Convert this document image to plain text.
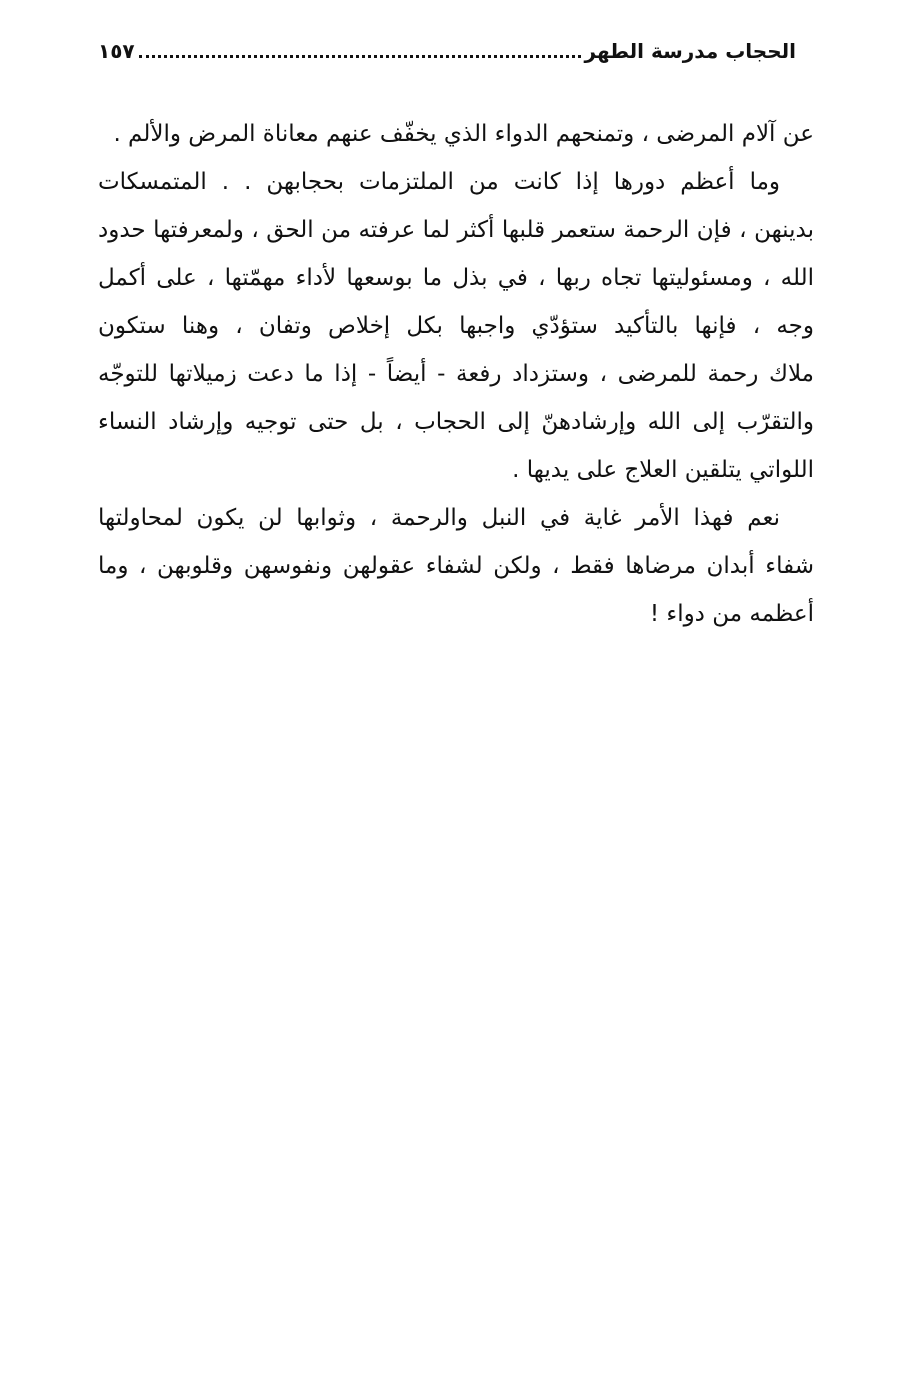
الحجاب مدرسة الطهر
١٥٧
عن آلام المرضى ، وتمنحهم الدواء الذي يخفّف عنهم معاناة المرض والألم .
وما أعظم دورها إذا كانت من الملتزمات بحجابهن . . المتمسكات
بدينهن ، فإن الرحمة ستعمر قلبها أكثر لما عرفته من الحق ، ولمعرفتها حدود
الله ، ومسئوليتها تجاه ربها ، في بذل ما بوسعها لأداء مهمّتها ، على أكمل
وجه ، فإنها بالتأكيد ستؤدّي واجبها بكل إخلاص وتفان ، وهنا ستكون
ملاك رحمة للمرضى ، وستزداد رفعة - أيضاً - إذا ما دعت زميلاتها للتوجّه
والتقرّب إلى الله وإرشادهنّ إلى الحجاب ، بل حتى توجيه وإرشاد النساء
اللواتي يتلقين العلاج على يديها .
نعم فهذا الأمر غاية في النبل والرحمة ، وثوابها لن يكون لمحاولتها
شفاء أبدان مرضاها فقط ، ولكن لشفاء عقولهن ونفوسهن وقلوبهن ، وما
أعظمه من دواء !
